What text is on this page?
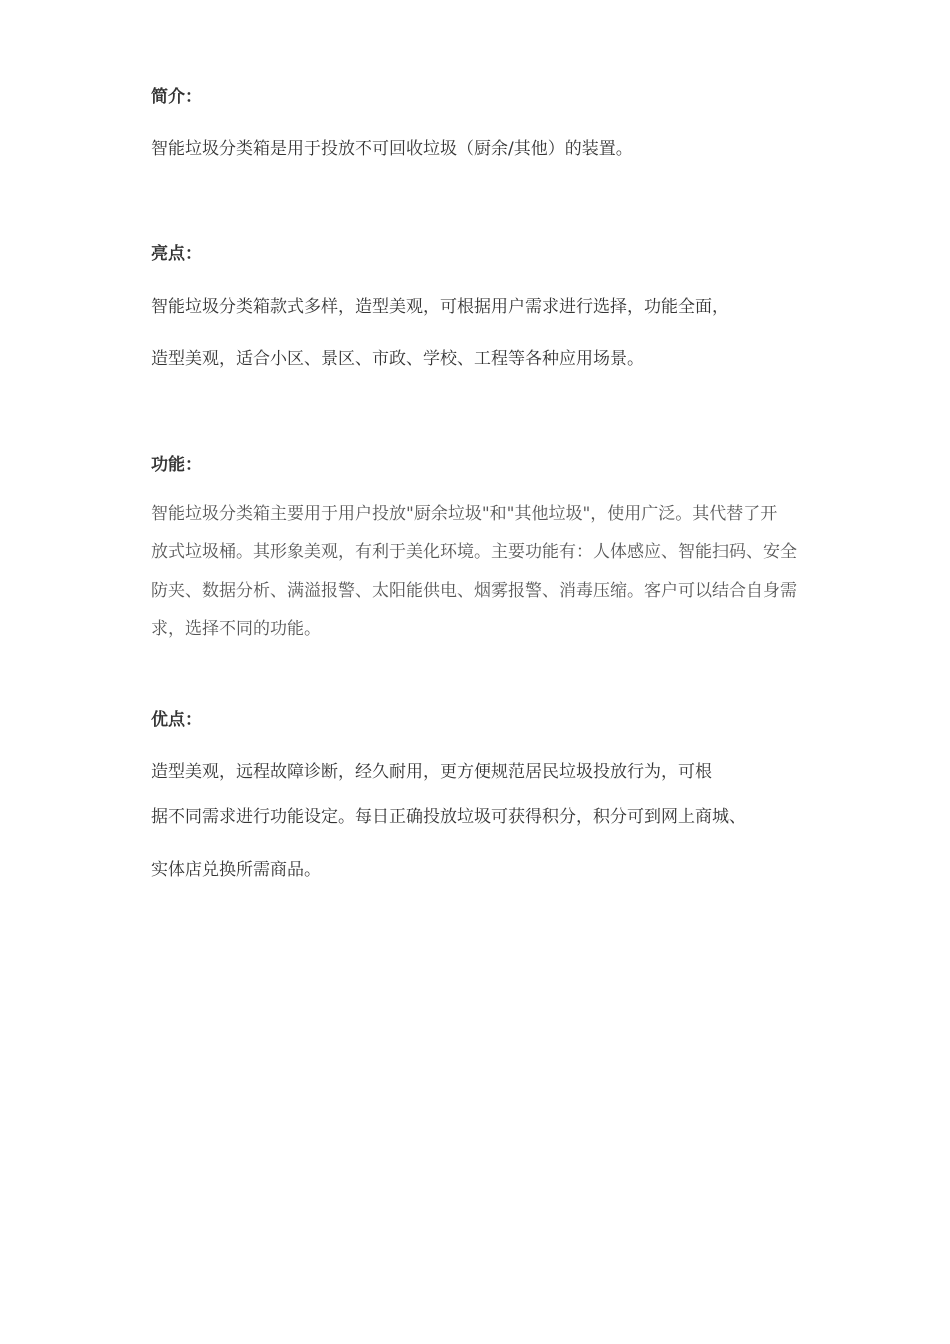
简介：
智能垃圾分类箱是用于投放不可回收垃圾（厨余/其他）的装置。
亮点：
智能垃圾分类箱款式多样，造型美观，可根据用户需求进行选择，功能全面，
造型美观，适合小区、景区、市政、学校、工程等各种应用场景。
功能：
智能垃圾分类箱主要用于用户投放"厨余垃圾"和"其他垃圾"，使用广泛。其代替了开
放式垃圾桶。其形象美观，有利于美化环境。主要功能有：人体感应、智能扫码、安全
防夹、数据分析、满溢报警、太阳能供电、烟雾报警、消毒压缩。客户可以结合自身需
求，选择不同的功能。
优点：
造型美观，远程故障诊断，经久耐用，更方便规范居民垃圾投放行为，可根
据不同需求进行功能设定。每日正确投放垃圾可获得积分，积分可到网上商城、
实体店兑换所需商品。
